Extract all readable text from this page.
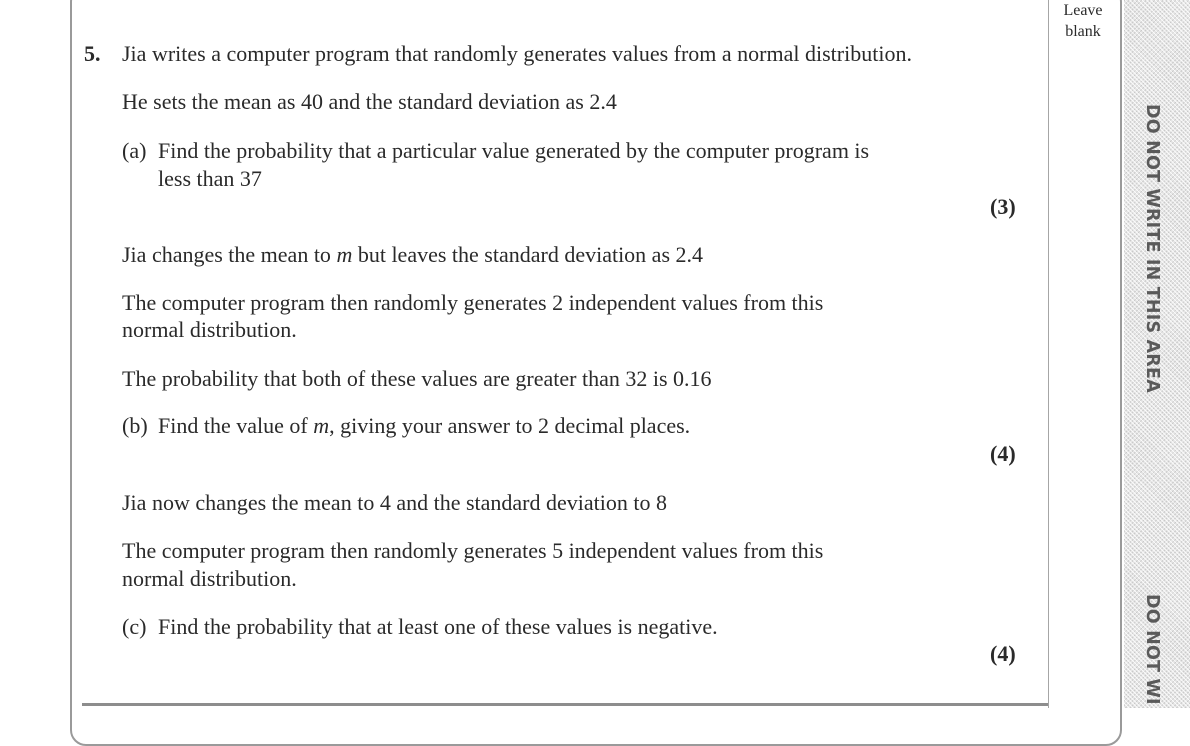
DO NOT WRITE IN THIS AREA
DO NOT WI
Leave
blank
5. Jia writes a computer program that randomly generates values from a normal distribution.
He sets the mean as 40 and the standard deviation as 2.4
(a) Find the probability that a particular value generated by the computer program is
less than 37
(3)
Jia changes the mean to m but leaves the standard deviation as 2.4
The computer program then randomly generates 2 independent values from this
normal distribution.
The probability that both of these values are greater than 32 is 0.16
(b) Find the value of m, giving your answer to 2 decimal places.
(4)
Jia now changes the mean to 4 and the standard deviation to 8
The computer program then randomly generates 5 independent values from this
normal distribution.
(c) Find the probability that at least one of these values is negative.
(4)
